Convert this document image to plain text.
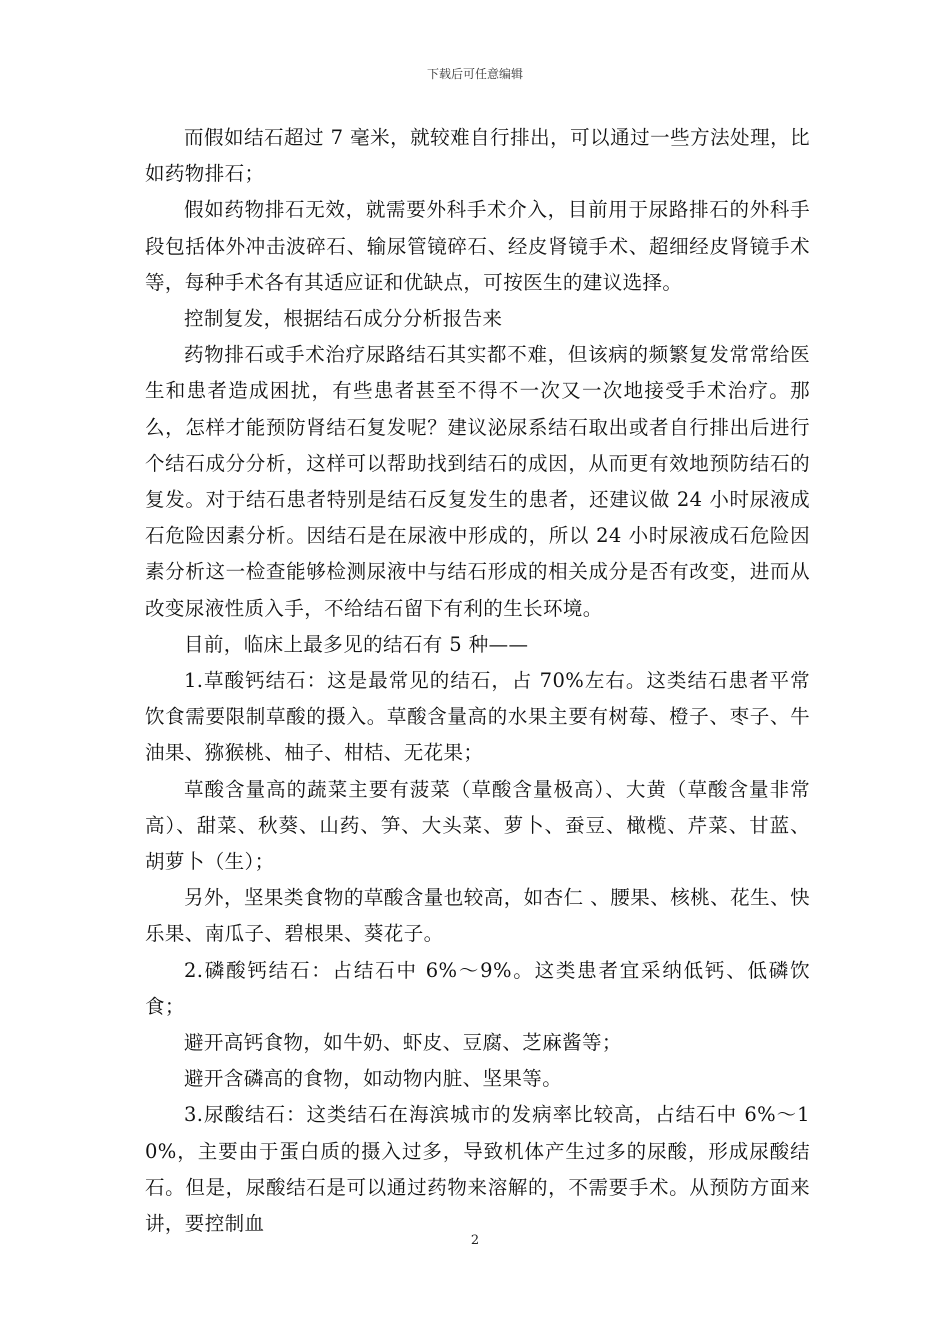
下载后可任意编辑

而假如结石超过 7 毫米，就较难自行排出，可以通过一些方法处理，比如药物排石；

假如药物排石无效，就需要外科手术介入，目前用于尿路排石的外科手段包括体外冲击波碎石、输尿管镜碎石、经皮肾镜手术、超细经皮肾镜手术等，每种手术各有其适应证和优缺点，可按医生的建议选择。

控制复发，根据结石成分分析报告来

药物排石或手术治疗尿路结石其实都不难，但该病的频繁复发常常给医生和患者造成困扰，有些患者甚至不得不一次又一次地接受手术治疗。那么，怎样才能预防肾结石复发呢？建议泌尿系结石取出或者自行排出后进行个结石成分分析，这样可以帮助找到结石的成因，从而更有效地预防结石的复发。对于结石患者特别是结石反复发生的患者，还建议做 24 小时尿液成石危险因素分析。因结石是在尿液中形成的，所以 24 小时尿液成石危险因素分析这一检查能够检测尿液中与结石形成的相关成分是否有改变，进而从改变尿液性质入手，不给结石留下有利的生长环境。

目前，临床上最多见的结石有 5 种——

1.草酸钙结石：这是最常见的结石，占 70%左右。这类结石患者平常饮食需要限制草酸的摄入。草酸含量高的水果主要有树莓、橙子、枣子、牛油果、猕猴桃、柚子、柑桔、无花果；

草酸含量高的蔬菜主要有菠菜（草酸含量极高）、大黄（草酸含量非常高）、甜菜、秋葵、山药、笋、大头菜、萝卜、蚕豆、橄榄、芹菜、甘蓝、胡萝卜（生）；

另外，坚果类食物的草酸含量也较高，如杏仁 、腰果、核桃、花生、快乐果、南瓜子、碧根果、葵花子。

2.磷酸钙结石：占结石中 6%～9%。这类患者宜采纳低钙、低磷饮食；

避开高钙食物，如牛奶、虾皮、豆腐、芝麻酱等；

避开含磷高的食物，如动物内脏、坚果等。

3.尿酸结石：这类结石在海滨城市的发病率比较高，占结石中 6%～10%，主要由于蛋白质的摄入过多，导致机体产生过多的尿酸，形成尿酸结石。但是，尿酸结石是可以通过药物来溶解的，不需要手术。从预防方面来讲，要控制血

2
